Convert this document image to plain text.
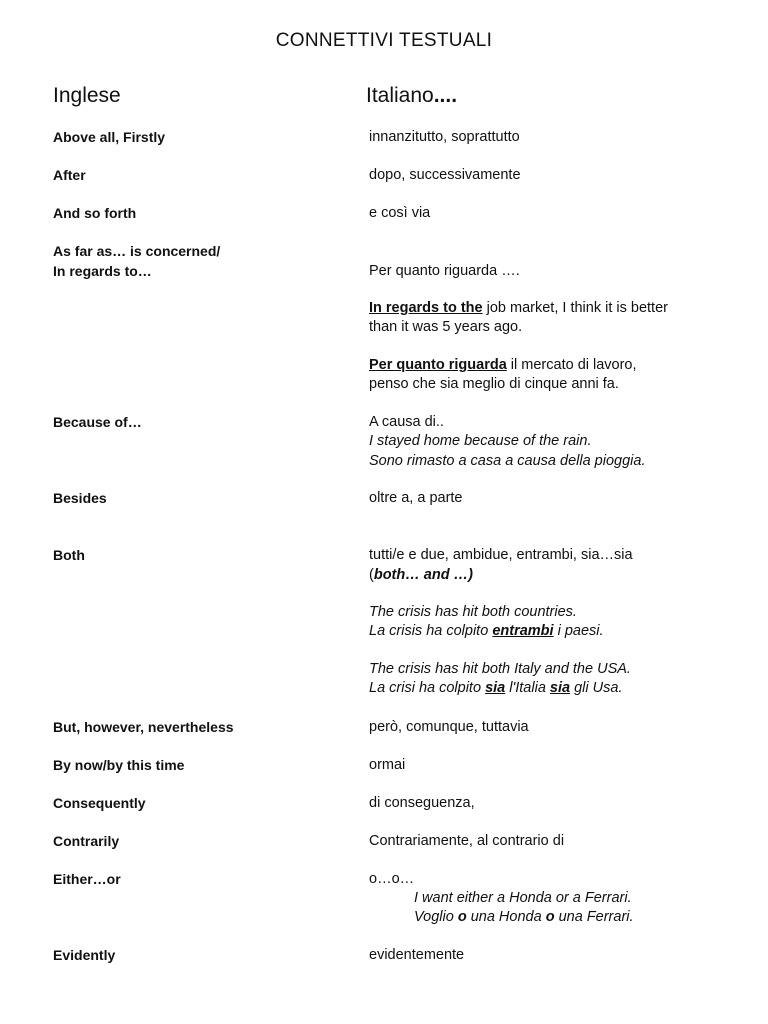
CONNETTIVI TESTUALI
Inglese	Italiano....
Above all, Firstly	innanzitutto, soprattutto
After	dopo, successivamente
And so forth	e così via
As far as… is concerned/
In regards to…	Per quanto riguarda ….
In regards to the job market, I think it is better
than it was 5 years ago.
Per quanto riguarda il mercato di lavoro,
penso che sia meglio di cinque anni fa.
Because of…	A causa di..
I stayed home because of the rain.
Sono rimasto a casa a causa della pioggia.
Besides	oltre a, a parte
Both	tutti/e e due, ambidue, entrambi, sia…sia
(both… and …)
The crisis has hit both countries.
La crisis ha colpito entrambi i paesi.
The crisis has hit both Italy and the USA.
La crisi ha colpito sia l'Italia sia gli Usa.
But, however, nevertheless	però, comunque, tuttavia
By now/by this time	ormai
Consequently	di conseguenza,
Contrarily	Contrariamente, al contrario di
Either…or	o…o…
I want either a Honda or a Ferrari.
Voglio o una Honda o una Ferrari.
Evidently	evidentemente
